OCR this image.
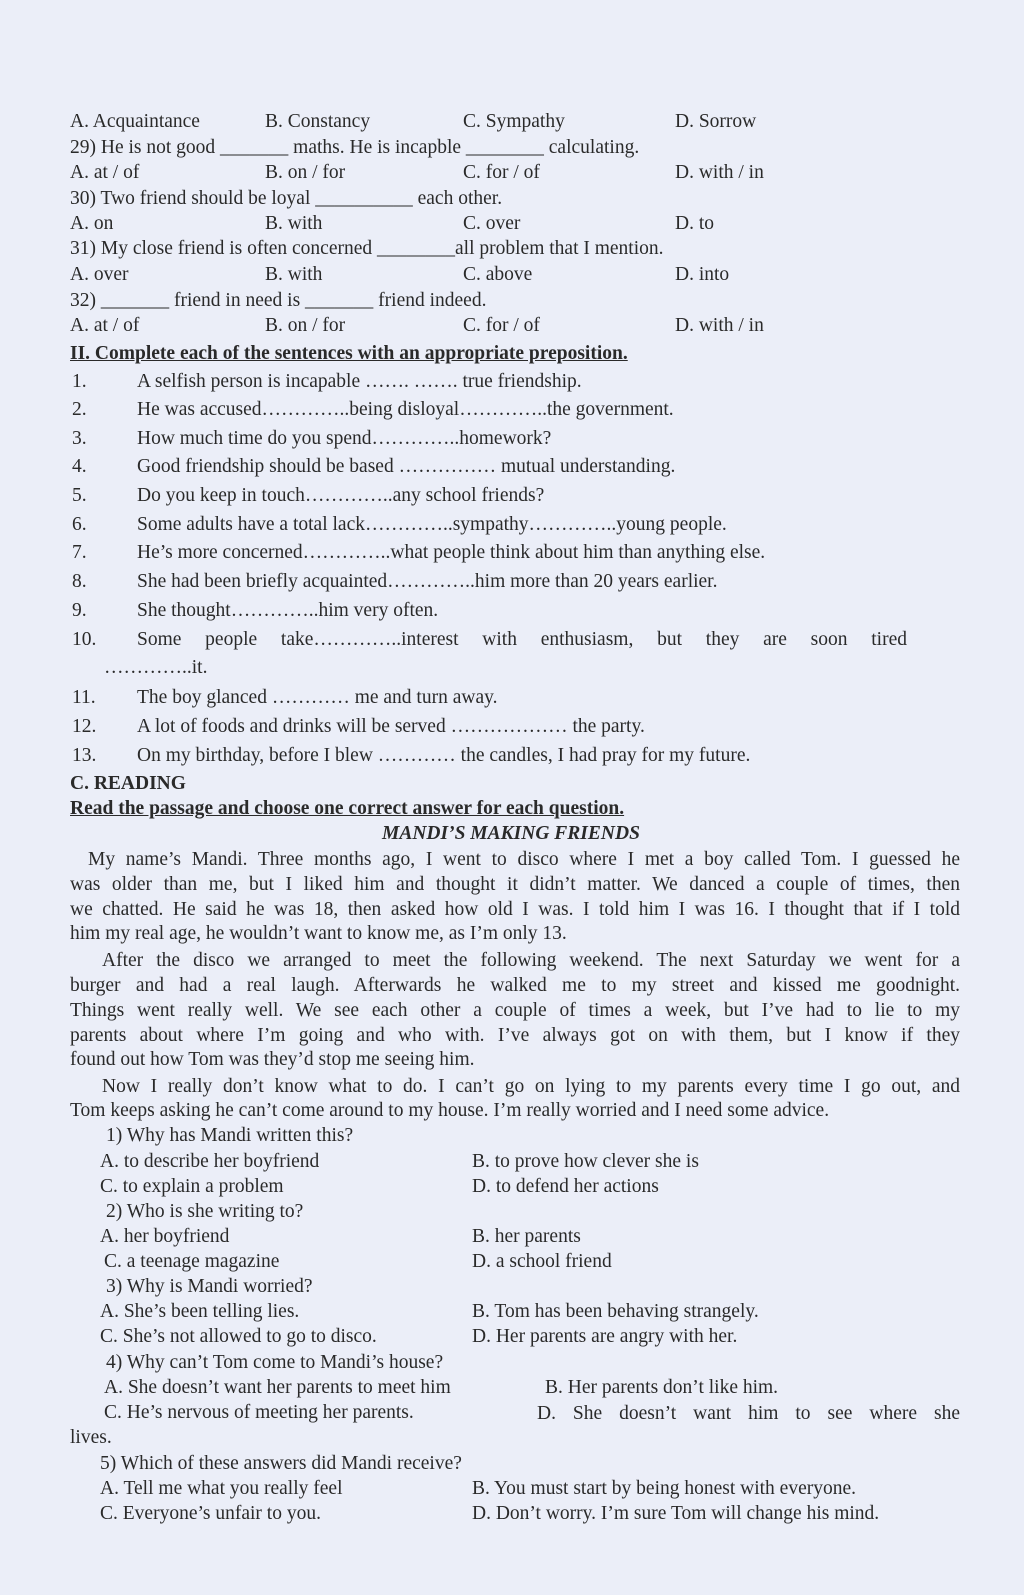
A. Acquaintance	B. Constancy	C. Sympathy	D. Sorrow
29) He is not good _______ maths. He is incapble ________ calculating.
A. at / of	B. on / for	C. for / of	D. with / in
30) Two friend should be loyal __________ each other.
A. on	B. with	C. over	D. to
31) My close friend is often concerned ________all problem that I mention.
A. over	B. with	C. above	D. into
32) _______ friend in need is _______ friend indeed.
A. at / of	B. on / for	C. for / of	D. with / in
II. Complete each of the sentences with an appropriate preposition.
1.	A selfish person is incapable ……. ……. true friendship.
2.	He was accused…………..being disloyal…………..the government.
3.	How much time do you spend…………..homework?
4.	Good friendship should be based …………… mutual understanding.
5.	Do you keep in touch…………..any school friends?
6.	Some adults have a total lack…………..sympathy…………..young people.
7.	He’s more concerned…………..what people think about him than anything else.
8.	She had been briefly acquainted…………..him more than 20 years earlier.
9.	She thought…………..him very often.
10. Some people take…………..interest with enthusiasm, but they are soon tired
…………..it.
11. The boy glanced ………… me and turn away.
12. A lot of foods and drinks will be served ……………… the party.
13. On my birthday, before I blew ………… the candles, I had pray for my future.
C. READING
Read the passage and choose one correct answer for each question.
MANDI’S MAKING FRIENDS
My name’s Mandi. Three months ago, I went to disco where I met a boy called Tom. I guessed he
was older than me, but I liked him and thought it didn’t matter. We danced a couple of times, then
we chatted. He said he was 18, then asked how old I was. I told him I was 16. I thought that if I told
him my real age, he wouldn’t want to know me, as I’m only 13.
After the disco we arranged to meet the following weekend. The next Saturday we went for a
burger and had a real laugh. Afterwards he walked me to my street and kissed me goodnight.
Things went really well. We see each other a couple of times a week, but I’ve had to lie to my
parents about where I’m going and who with. I’ve always got on with them, but I know if they
found out how Tom was they’d stop me seeing him.
Now I really don’t know what to do. I can’t go on lying to my parents every time I go out, and
Tom keeps asking he can’t come around to my house. I’m really worried and I need some advice.
1) Why has Mandi written this?
A. to describe her boyfriend	B. to prove how clever she is
C. to explain a problem	D. to defend her actions
2) Who is she writing to?
A. her boyfriend	B. her parents
C. a teenage magazine	D. a school friend
3) Why is Mandi worried?
A. She’s been telling lies.	B. Tom has been behaving strangely.
C. She’s not allowed to go to disco.	D. Her parents are angry with her.
4) Why can’t Tom come to Mandi’s house?
A. She doesn’t want her parents to meet him	B. Her parents don’t like him.
C. He’s nervous of meeting her parents.	D. She doesn’t want him to see where she
lives.
5) Which of these answers did Mandi receive?
A. Tell me what you really feel	B. You must start by being honest with everyone.
C. Everyone’s unfair to you.	D. Don’t worry. I’m sure Tom will change his mind.
